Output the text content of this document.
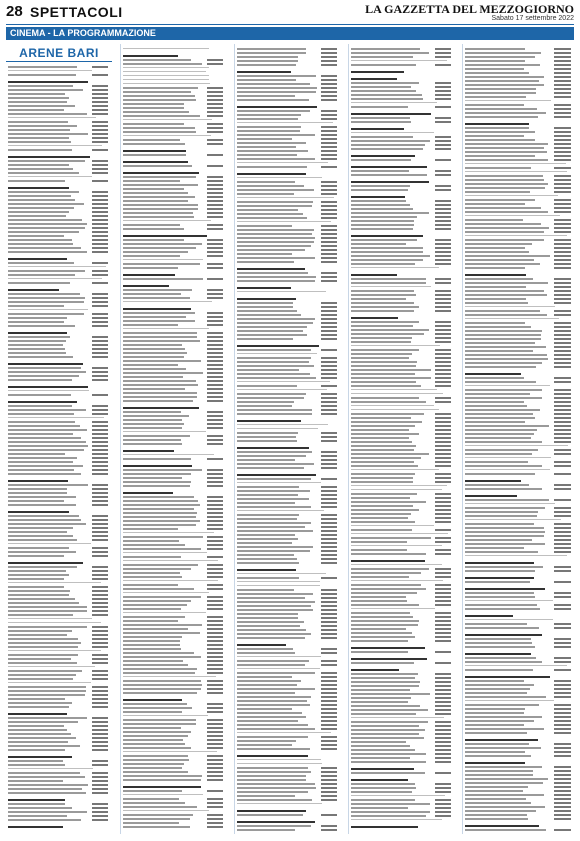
28 SPETTACOLI	LA GAZZETTA DEL MEZZOGIORNO
Sabato 17 settembre 2022
CINEMA - LA PROGRAMMAZIONE
ARENE BARI
